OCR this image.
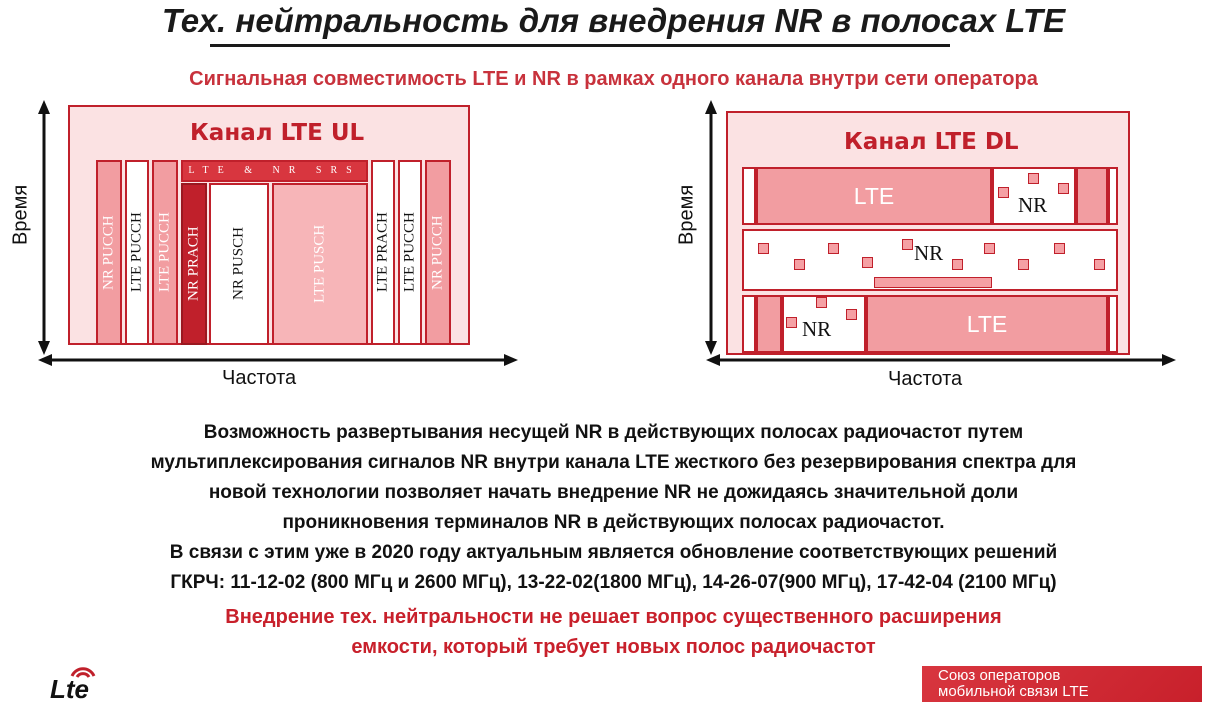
Тех. нейтральность для внедрения NR в полосах LTE
Сигнальная совместимость LTE и NR в рамках одного канала внутри сети оператора
Время
Частота
Канал LTE UL
NR PUCCH LTE PUCCH LTE PUCCH NR PRACH NR PUSCH	LTE PUSCH
LTE & NR SRS
LTE PRACH LTE PUCCH NR PUCCH
Время
Частота
Канал LTE DL
LTE	NR
NR
NR	LTE
Возможность развертывания несущей NR в действующих полосах радиочастот путем
мультиплексирования сигналов NR внутри канала LTE жесткого без резервирования спектра для
новой технологии позволяет начать внедрение NR не дожидаясь значительной доли
проникновения терминалов NR в действующих полосах радиочастот.
В связи с этим уже в 2020 году актуальным является обновление соответствующих решений
ГКРЧ: 11-12-02 (800 МГц и 2600 МГц), 13-22-02(1800 МГц), 14-26-07(900 МГц), 17-42-04 (2100 МГц)
Внедрение тех. нейтральности не решает вопрос существенного расширения
емкости, который требует новых полос радиочастот
Lte	Союз операторов
мобильной связи LTE
